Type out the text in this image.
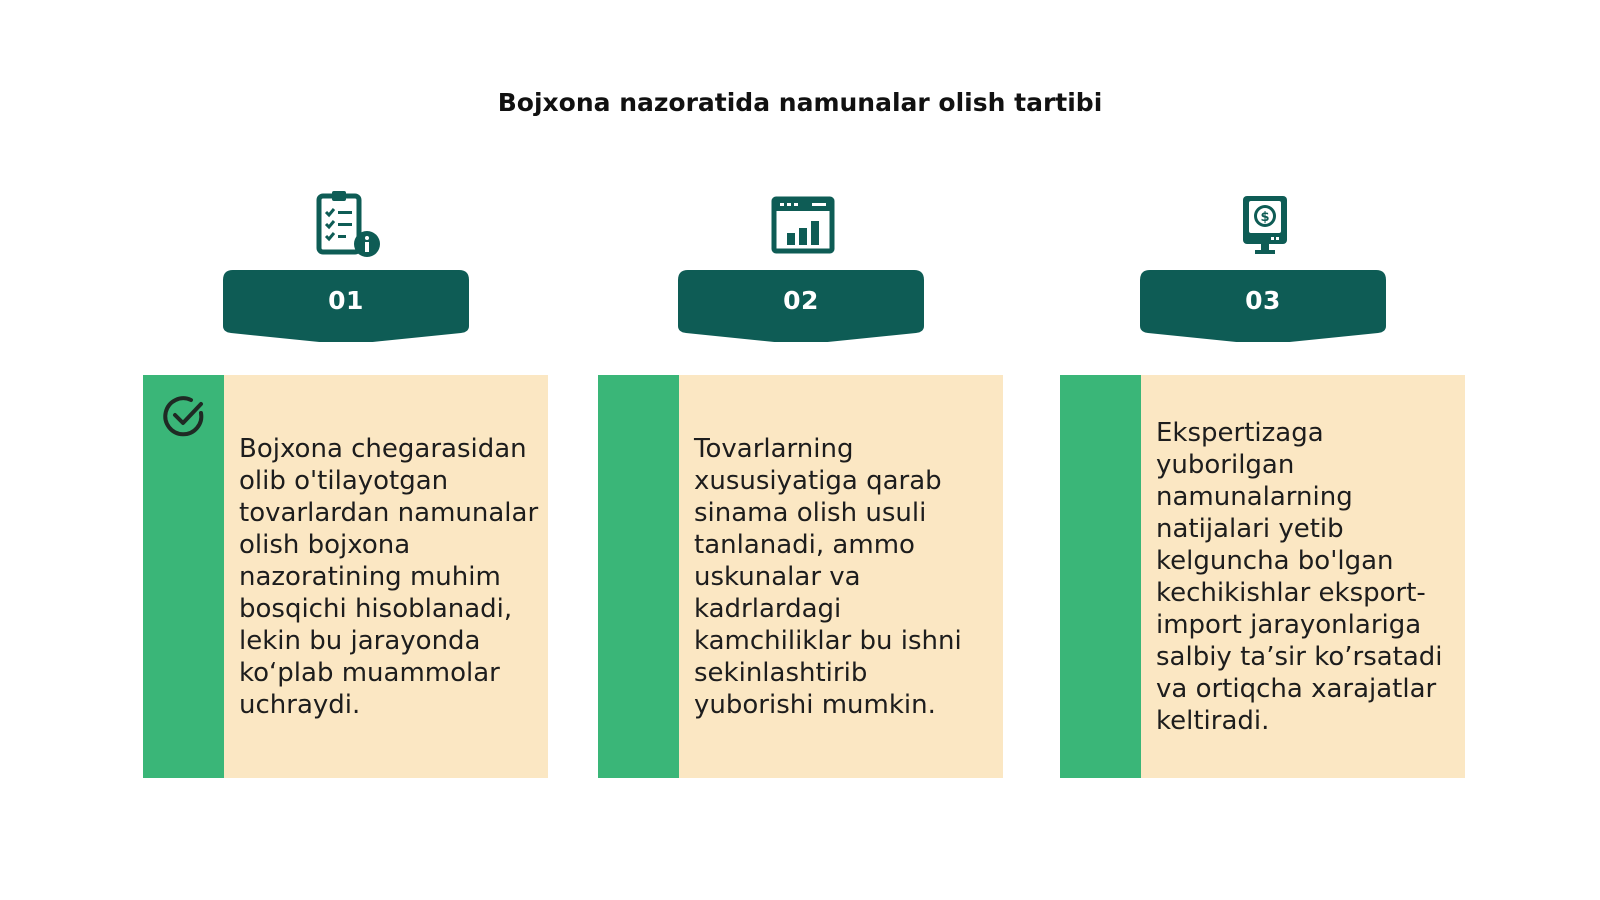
Bojxona nazoratida namunalar olish tartibi
01
Bojxona chegarasidan olib o'tilayotgan tovarlardan namunalar olish bojxona nazoratining muhim bosqichi hisoblanadi, lekin bu jarayonda ko‘plab muammolar uchraydi.
02
Tovarlarning xususiyatiga qarab sinama olish usuli tanlanadi, ammo uskunalar va kadrlardagi kamchiliklar bu ishni sekinlashtirib yuborishi mumkin.
$
03
Ekspertizaga yuborilgan namunalarning natijalari yetib kelguncha bo'lgan kechikishlar eksport-import jarayonlariga salbiy ta’sir ko’rsatadi va ortiqcha xarajatlar keltiradi.
